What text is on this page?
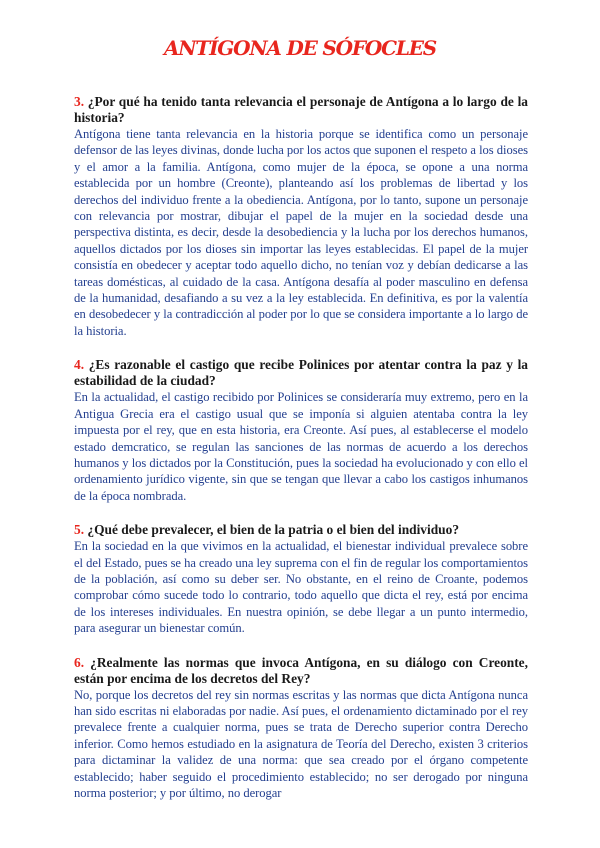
ANTÍGONA DE SÓFOCLES

3. ¿Por qué ha tenido tanta relevancia el personaje de Antígona a lo largo de la historia?

Antígona tiene tanta relevancia en la historia porque se identifica como un personaje defensor de las leyes divinas, donde lucha por los actos que suponen el respeto a los dioses y el amor a la familia. Antígona, como mujer de la época, se opone a una norma establecida por un hombre (Creonte), planteando así los problemas de libertad y los derechos del individuo frente a la obediencia. Antígona, por lo tanto, supone un personaje con relevancia por mostrar, dibujar el papel de la mujer en la sociedad desde una perspectiva distinta, es decir, desde la desobediencia y la lucha por los derechos humanos, aquellos dictados por los dioses sin importar las leyes establecidas. El papel de la mujer consistía en obedecer y aceptar todo aquello dicho, no tenían voz y debían dedicarse a las tareas domésticas, al cuidado de la casa. Antígona desafía al poder masculino en defensa de la humanidad, desafiando a su vez a la ley establecida. En definitiva, es por la valentía en desobedecer y la contradicción al poder por lo que se considera importante a lo largo de la historia.

4. ¿Es razonable el castigo que recibe Polinices por atentar contra la paz y la estabilidad de la ciudad?

En la actualidad, el castigo recibido por Polinices se consideraría muy extremo, pero en la Antigua Grecia era el castigo usual que se imponía si alguien atentaba contra la ley impuesta por el rey, que en esta historia, era Creonte. Así pues, al establecerse el modelo estado demcratico, se regulan las sanciones de las normas de acuerdo a los derechos humanos y los dictados por la Constitución, pues la sociedad ha evolucionado y con ello el ordenamiento jurídico vigente, sin que se tengan que llevar a cabo los castigos inhumanos de la época nombrada.

5. ¿Qué debe prevalecer, el bien de la patria o el bien del individuo?

En la sociedad en la que vivimos en la actualidad, el bienestar individual prevalece sobre el del Estado, pues se ha creado una ley suprema con el fin de regular los comportamientos de la población, así como su deber ser. No obstante, en el reino de Croante, podemos comprobar cómo sucede todo lo contrario, todo aquello que dicta el rey, está por encima de los intereses individuales. En nuestra opinión, se debe llegar a un punto intermedio, para asegurar un bienestar común.

6. ¿Realmente las normas que invoca Antígona, en su diálogo con Creonte, están por encima de los decretos del Rey?

No, porque los decretos del rey sin normas escritas y las normas que dicta Antígona nunca han sido escritas ni elaboradas por nadie. Así pues, el ordenamiento dictaminado por el rey prevalece frente a cualquier norma, pues se trata de Derecho superior contra Derecho inferior. Como hemos estudiado en la asignatura de Teoría del Derecho, existen 3 criterios para dictaminar la validez de una norma: que sea creado por el órgano competente establecido; haber seguido el procedimiento establecido; no ser derogado por ninguna norma posterior; y por último, no derogar
